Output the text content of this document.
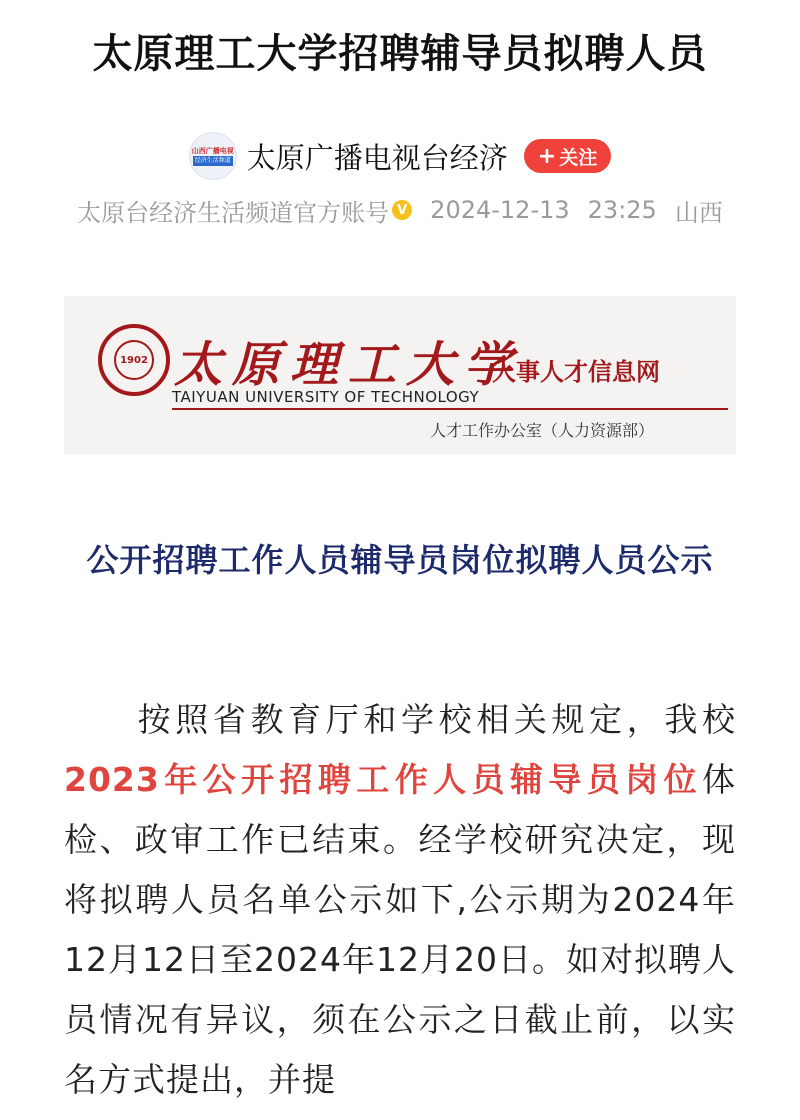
太原理工大学招聘辅导员拟聘人员
山西广播电视
经济生活频道 太原广播电视台经济 + 关注
太原台经济生活频道官方账号 V 2024-12-13 23:25 山西
1902 太原理工大学
TAIYUAN UNIVERSITY OF TECHNOLOGY
人事人才信息网
人才工作办公室（人力资源部）
公开招聘工作人员辅导员岗位拟聘人员公示
按照省教育厅和学校相关规定，我校2023年公开招聘工作人员辅导员岗位体检、政审工作已结束。经学校研究决定，现将拟聘人员名单公示如下,公示期为2024年12月12日至2024年12月20日。如对拟聘人员情况有异议，须在公示之日截止前，以实名方式提出，并提
